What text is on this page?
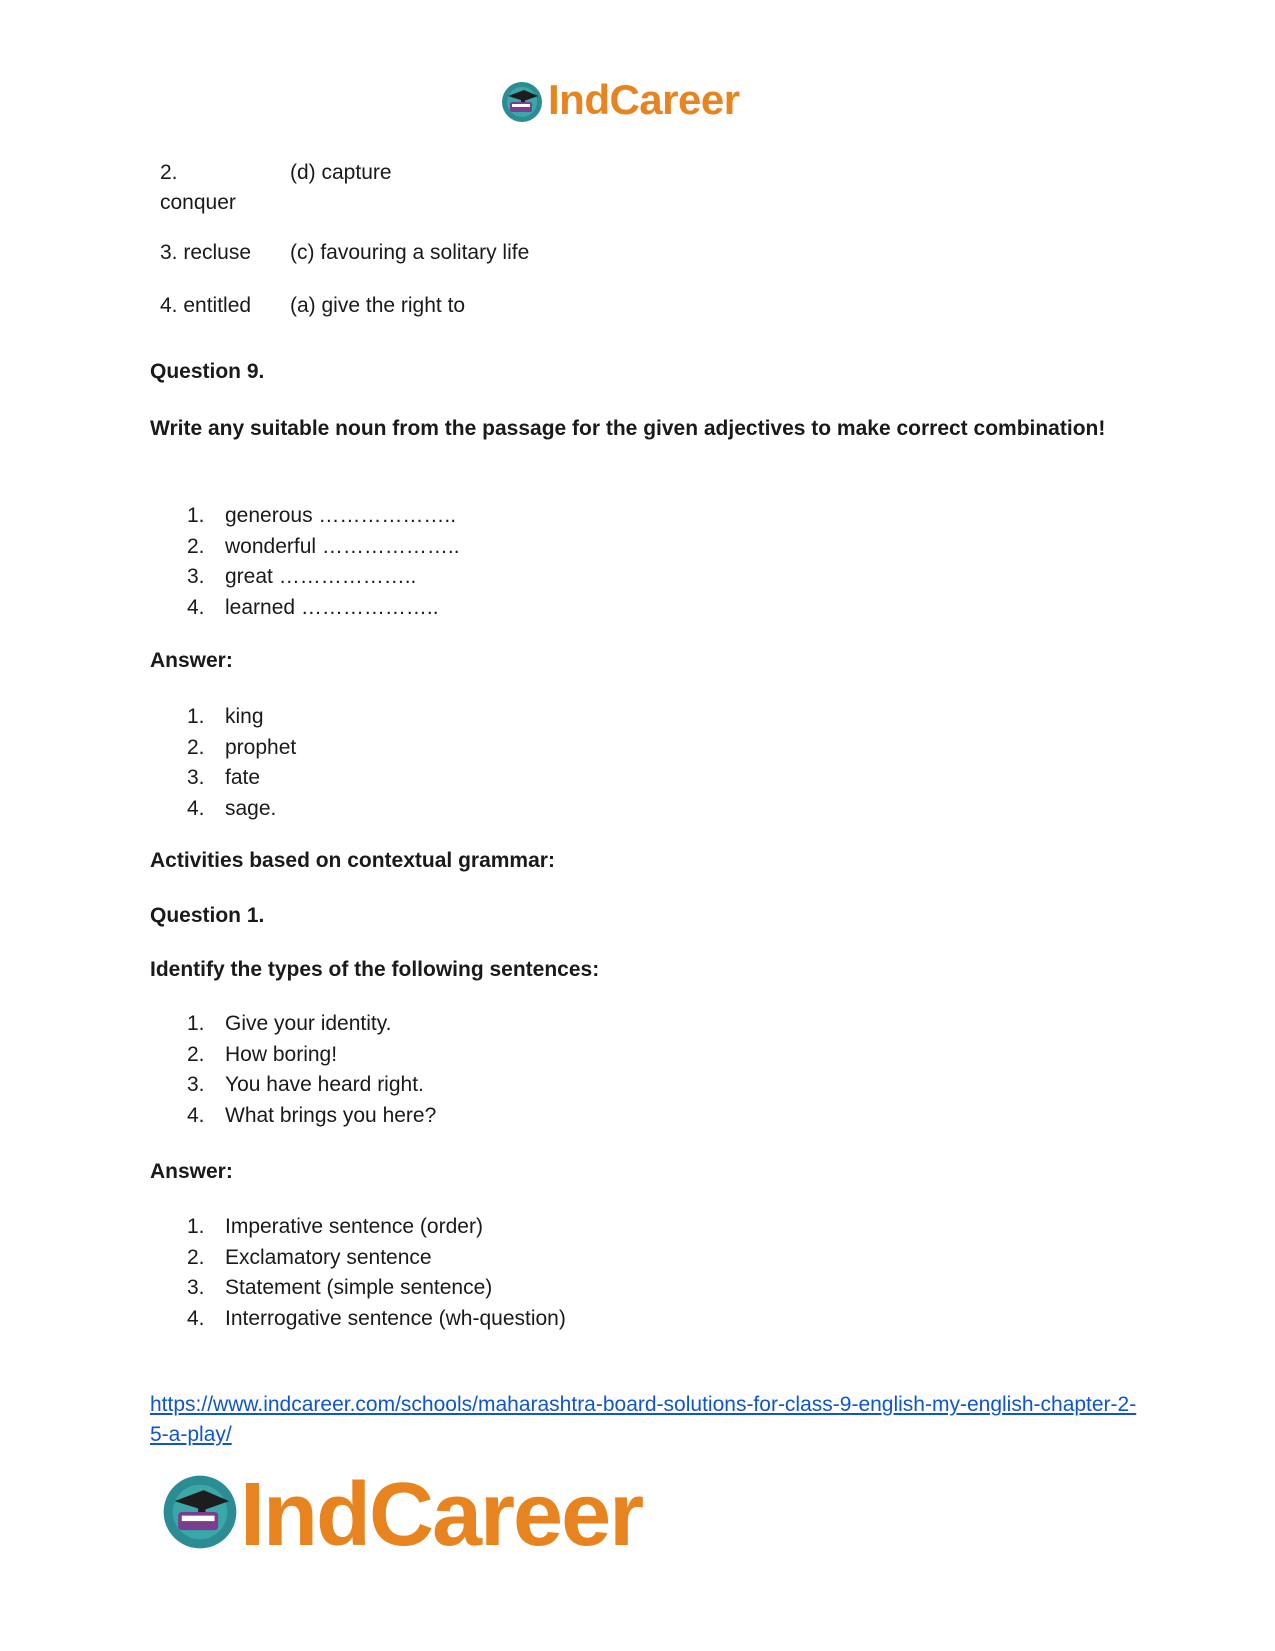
IndCareer
2.
conquer	(d) capture
3. recluse	(c) favouring a solitary life
4. entitled	(a) give the right to
Question 9.
Write any suitable noun from the passage for the given adjectives to make correct combination!
1. generous ………………..
2. wonderful ………………..
3. great ………………..
4. learned ………………..
Answer:
1. king
2. prophet
3. fate
4. sage.
Activities based on contextual grammar:
Question 1.
Identify the types of the following sentences:
1. Give your identity.
2. How boring!
3. You have heard right.
4. What brings you here?
Answer:
1. Imperative sentence (order)
2. Exclamatory sentence
3. Statement (simple sentence)
4. Interrogative sentence (wh-question)
https://www.indcareer.com/schools/maharashtra-board-solutions-for-class-9-english-my-english-chapter-2-5-a-play/
IndCareer
